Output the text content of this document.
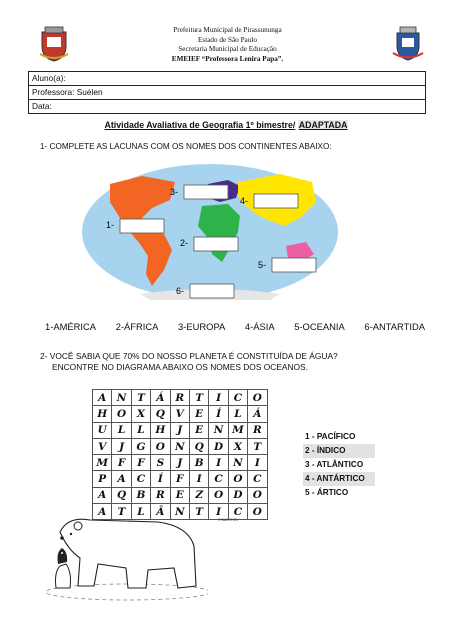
Prefeitura Municipal de Pirassununga
Estado de São Paulo
Secretaria Municipal de Educação
EMEIEF “Professora Lenira Papa”.
Aluno(a):
Professora: Suélen
Data:
Atividade Avaliativa de Geografia 1º bimestre/ ADAPTADA
1- COMPLETE AS LACUNAS COM OS NOMES DOS CONTINENTES ABAIXO:
1-
2-
3-
4-
5-
6-
1-AMÉRICA 2-ÁFRICA 3-EUROPA 4-ÁSIA 5-OCEANIA 6-ANTARTIDA
2- VOCÊ SABIA QUE 70% DO NOSSO PLANETA É CONSTITUÍDA DE ÁGUA?
ENCONTRE NO DIAGRAMA ABAIXO OS NOMES DOS OCEANOS.
A	N	T	Á	R	T	I	C	O
H	O	X	Q	V	E	Í	L	Á
U	L	L	H	J	E	N	M	R
V	J	G	O	N	Q	D	X	T
M	F	F	S	J	B	I	N	I
P	A	C	Í	F	I	C	O	C
A	Q	B	R	E	Z	O	D	O
A	T	L	Â	N	T	I	C	O
© BAIXITOS
1 - PACÍFICO
2 - ÍNDICO
3 - ATLÂNTICO
4 - ANTÁRTICO
5 - ÁRTICO
